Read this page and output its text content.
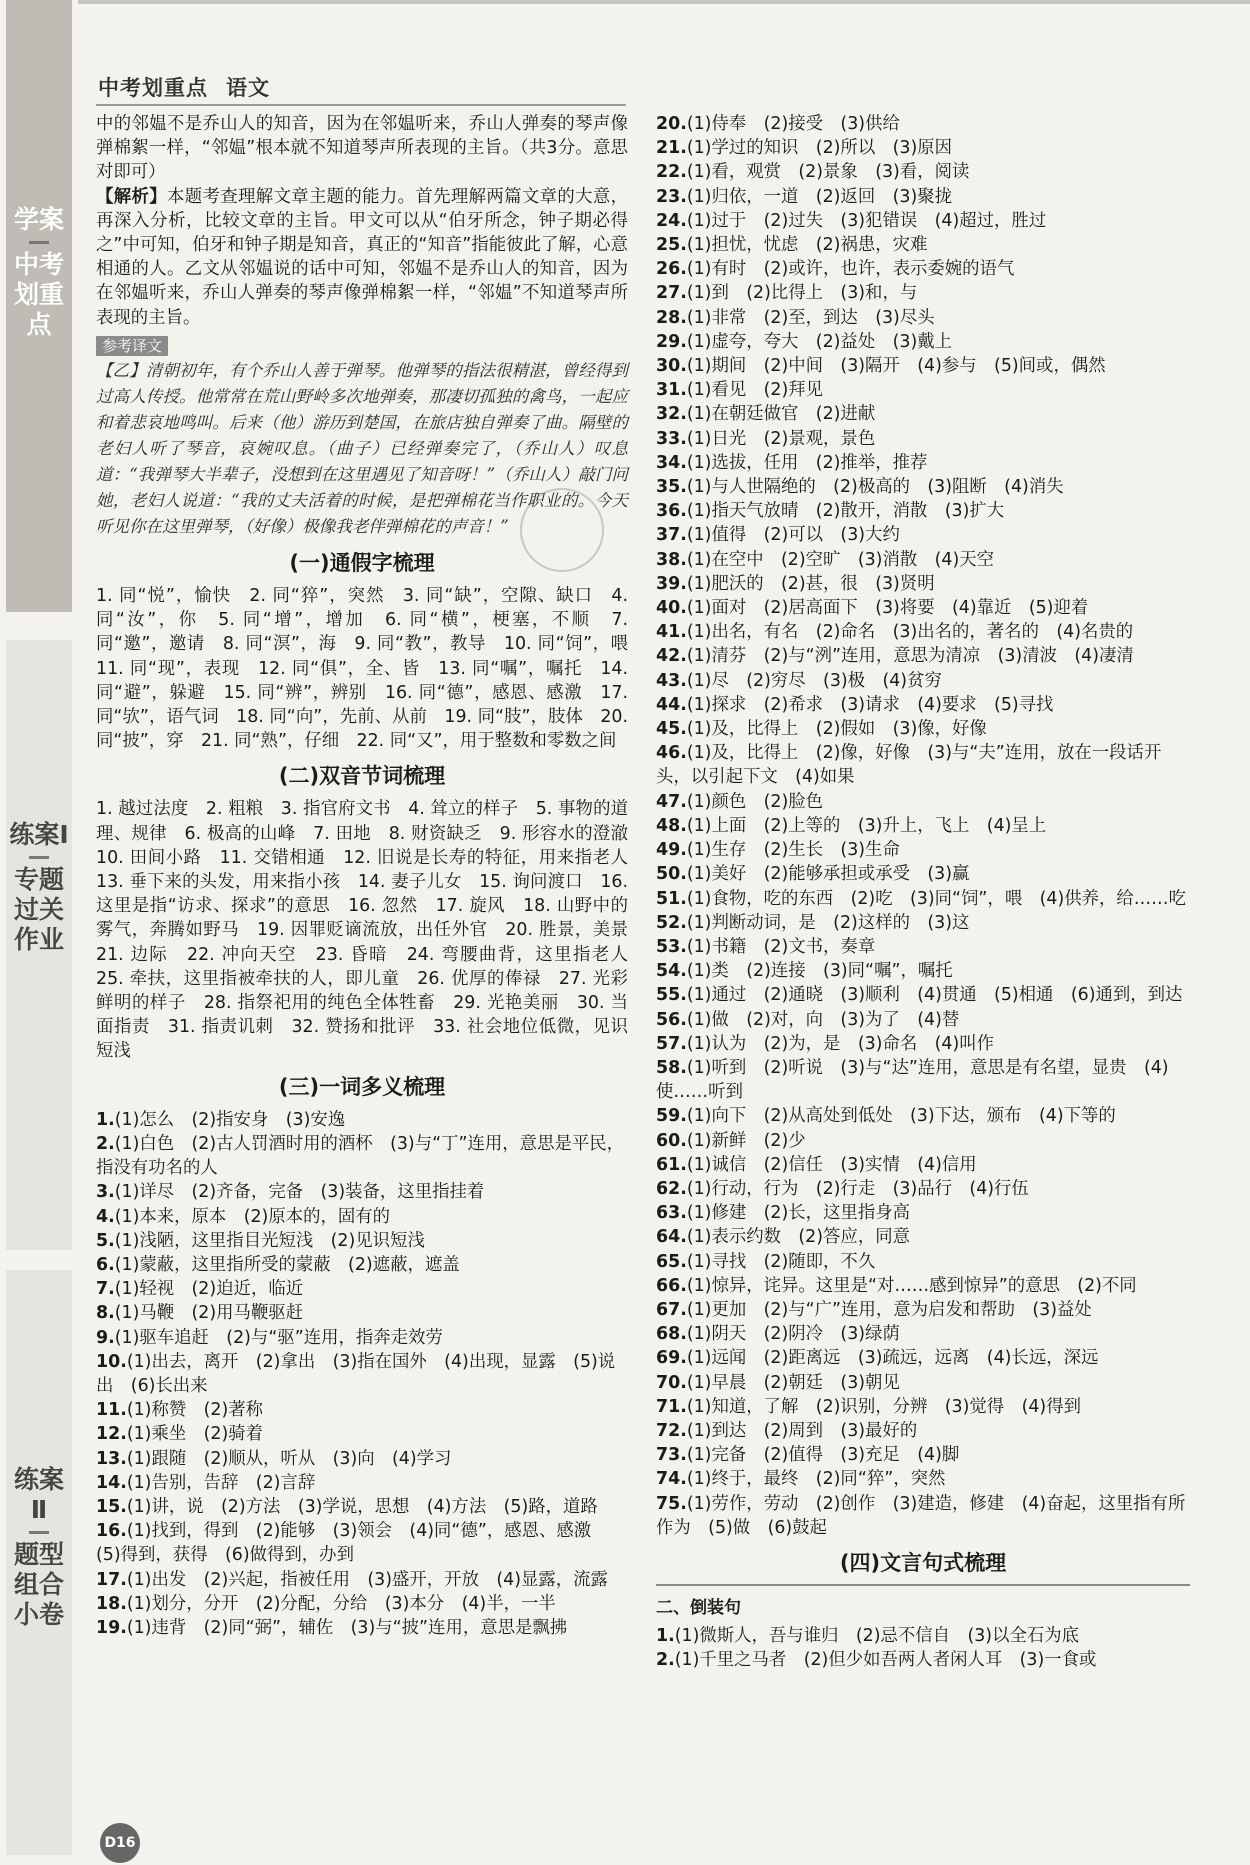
学案
中考划重点
练案Ⅰ
专题过关作业
练案Ⅱ
题型组合小卷
中考划重点 语文

中的邻媪不是乔山人的知音，因为在邻媪听来，乔山人弹奏的琴声像弹棉絮一样，“邻媪”根本就不知道琴声所表现的主旨。（共3分。意思对即可）

【解析】本题考查理解文章主题的能力。首先理解两篇文章的大意，再深入分析，比较文章的主旨。甲文可以从“伯牙所念，钟子期必得之”中可知，伯牙和钟子期是知音，真正的“知音”指能彼此了解，心意相通的人。乙文从邻媪说的话中可知，邻媪不是乔山人的知音，因为在邻媪听来，乔山人弹奏的琴声像弹棉絮一样，“邻媪”不知道琴声所表现的主旨。

参考译文

【乙】清朝初年，有个乔山人善于弹琴。他弹琴的指法很精湛，曾经得到过高人传授。他常常在荒山野岭多次地弹奏，那凄切孤独的禽鸟，一起应和着悲哀地鸣叫。后来（他）游历到楚国，在旅店独自弹奏了曲。隔壁的老妇人听了琴音，哀婉叹息。（曲子）已经弹奏完了，（乔山人）叹息道：“我弹琴大半辈子，没想到在这里遇见了知音呀！”（乔山人）敲门问她，老妇人说道：“我的丈夫活着的时候，是把弹棉花当作职业的。今天听见你在这里弹琴，（好像）极像我老伴弹棉花的声音！”

(一)通假字梳理

1. 同“悦”，愉快　2. 同“猝”，突然　3. 同“缺”，空隙、缺口　4. 同“汝”，你　5. 同“增”，增加　6. 同“横”，梗塞，不顺　7. 同“邀”，邀请　8. 同“溟”，海　9. 同“教”，教导　10. 同“饲”，喂　11. 同“现”，表现　12. 同“俱”，全、皆　13. 同“嘱”，嘱托　14. 同“避”，躲避　15. 同“辨”，辨别　16. 同“德”，感恩、感激　17. 同“欤”，语气词　18. 同“向”，先前、从前　19. 同“肢”，肢体　20. 同“披”，穿　21. 同“熟”，仔细　22. 同“又”，用于整数和零数之间

(二)双音节词梳理

1. 越过法度　2. 粗粮　3. 指官府文书　4. 耸立的样子　5. 事物的道理、规律　6. 极高的山峰　7. 田地　8. 财资缺乏　9. 形容水的澄澈　10. 田间小路　11. 交错相通　12. 旧说是长寿的特征，用来指老人　13. 垂下来的头发，用来指小孩　14. 妻子儿女　15. 询问渡口　16. 这里是指“访求、探求”的意思　16. 忽然　17. 旋风　18. 山野中的雾气，奔腾如野马　19. 因罪贬谪流放，出任外官　20. 胜景，美景　21. 边际　22. 冲向天空　23. 昏暗　24. 弯腰曲背，这里指老人　25. 牵扶，这里指被牵扶的人，即儿童　26. 优厚的俸禄　27. 光彩鲜明的样子　28. 指祭祀用的纯色全体牲畜　29. 光艳美丽　30. 当面指责　31. 指责讥刺　32. 赞扬和批评　33. 社会地位低微，见识短浅

(三)一词多义梳理
1.(1)怎么　(2)指安身　(3)安逸
2.(1)白色　(2)古人罚酒时用的酒杯　(3)与“丁”连用，意思是平民，指没有功名的人
3.(1)详尽　(2)齐备，完备　(3)装备，这里指挂着
4.(1)本来，原本　(2)原本的，固有的
5.(1)浅陋，这里指目光短浅　(2)见识短浅
6.(1)蒙蔽，这里指所受的蒙蔽　(2)遮蔽，遮盖
7.(1)轻视　(2)迫近，临近
8.(1)马鞭　(2)用马鞭驱赶
9.(1)驱车追赶　(2)与“驱”连用，指奔走效劳
10.(1)出去，离开　(2)拿出　(3)指在国外　(4)出现，显露　(5)说出　(6)长出来
11.(1)称赞　(2)著称
12.(1)乘坐　(2)骑着
13.(1)跟随　(2)顺从，听从　(3)向　(4)学习
14.(1)告别，告辞　(2)言辞
15.(1)讲，说　(2)方法　(3)学说，思想　(4)方法　(5)路，道路
16.(1)找到，得到　(2)能够　(3)领会　(4)同“德”，感恩、感激　(5)得到，获得　(6)做得到，办到
17.(1)出发　(2)兴起，指被任用　(3)盛开，开放　(4)显露，流露
18.(1)划分，分开　(2)分配，分给　(3)本分　(4)半，一半
19.(1)违背　(2)同“弼”，辅佐　(3)与“披”连用，意思是飘拂
20.(1)侍奉　(2)接受　(3)供给
21.(1)学过的知识　(2)所以　(3)原因
22.(1)看，观赏　(2)景象　(3)看，阅读
23.(1)归依，一道　(2)返回　(3)聚拢
24.(1)过于　(2)过失　(3)犯错误　(4)超过，胜过
25.(1)担忧，忧虑　(2)祸患，灾难
26.(1)有时　(2)或许，也许，表示委婉的语气
27.(1)到　(2)比得上　(3)和，与
28.(1)非常　(2)至，到达　(3)尽头
29.(1)虚夸，夸大　(2)益处　(3)戴上
30.(1)期间　(2)中间　(3)隔开　(4)参与　(5)间或，偶然
31.(1)看见　(2)拜见
32.(1)在朝廷做官　(2)进献
33.(1)日光　(2)景观，景色
34.(1)选拔，任用　(2)推举，推荐
35.(1)与人世隔绝的　(2)极高的　(3)阻断　(4)消失
36.(1)指天气放晴　(2)散开，消散　(3)扩大
37.(1)值得　(2)可以　(3)大约
38.(1)在空中　(2)空旷　(3)消散　(4)天空
39.(1)肥沃的　(2)甚，很　(3)贤明
40.(1)面对　(2)居高面下　(3)将要　(4)靠近　(5)迎着
41.(1)出名，有名　(2)命名　(3)出名的，著名的　(4)名贵的
42.(1)清芬　(2)与“洌”连用，意思为清凉　(3)清波　(4)凄清
43.(1)尽　(2)穷尽　(3)极　(4)贫穷
44.(1)探求　(2)希求　(3)请求　(4)要求　(5)寻找
45.(1)及，比得上　(2)假如　(3)像，好像
46.(1)及，比得上　(2)像，好像　(3)与“夫”连用，放在一段话开头，以引起下文　(4)如果
47.(1)颜色　(2)脸色
48.(1)上面　(2)上等的　(3)升上，飞上　(4)呈上
49.(1)生存　(2)生长　(3)生命
50.(1)美好　(2)能够承担或承受　(3)赢
51.(1)食物，吃的东西　(2)吃　(3)同“饲”，喂　(4)供养，给……吃
52.(1)判断动词，是　(2)这样的　(3)这
53.(1)书籍　(2)文书，奏章
54.(1)类　(2)连接　(3)同“嘱”，嘱托
55.(1)通过　(2)通晓　(3)顺利　(4)贯通　(5)相通　(6)通到，到达
56.(1)做　(2)对，向　(3)为了　(4)替
57.(1)认为　(2)为，是　(3)命名　(4)叫作
58.(1)听到　(2)听说　(3)与“达”连用，意思是有名望，显贵　(4)使……听到
59.(1)向下　(2)从高处到低处　(3)下达，颁布　(4)下等的
60.(1)新鲜　(2)少
61.(1)诚信　(2)信任　(3)实情　(4)信用
62.(1)行动，行为　(2)行走　(3)品行　(4)行伍
63.(1)修建　(2)长，这里指身高
64.(1)表示约数　(2)答应，同意
65.(1)寻找　(2)随即，不久
66.(1)惊异，诧异。这里是“对……感到惊异”的意思　(2)不同
67.(1)更加　(2)与“广”连用，意为启发和帮助　(3)益处
68.(1)阴天　(2)阴冷　(3)绿荫
69.(1)远闻　(2)距离远　(3)疏远，远离　(4)长远，深远
70.(1)早晨　(2)朝廷　(3)朝见
71.(1)知道，了解　(2)识别，分辨　(3)觉得　(4)得到
72.(1)到达　(2)周到　(3)最好的
73.(1)完备　(2)值得　(3)充足　(4)脚
74.(1)终于，最终　(2)同“猝”，突然
75.(1)劳作，劳动　(2)创作　(3)建造，修建　(4)奋起，这里指有所作为　(5)做　(6)鼓起
(四)文言句式梳理
二、倒装句
1.(1)微斯人，吾与谁归　(2)忌不信自　(3)以全石为底
2.(1)千里之马者　(2)但少如吾两人者闲人耳　(3)一食或
D16
